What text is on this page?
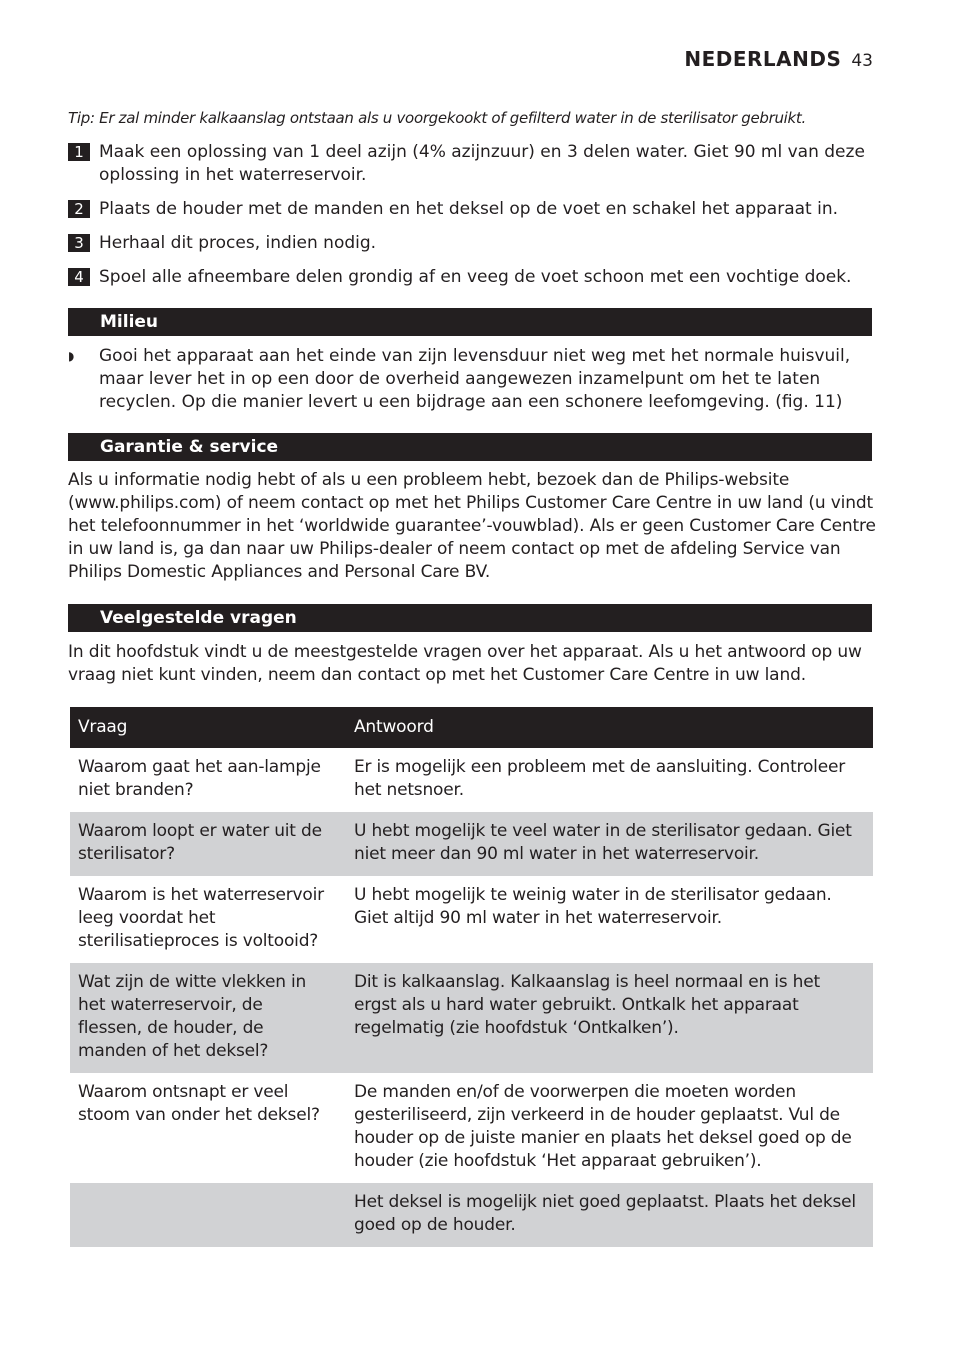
NEDERLANDS 43
Tip: Er zal minder kalkaanslag ontstaan als u voorgekookt of gefilterd water in de sterilisator gebruikt.
1 Maak een oplossing van 1 deel azijn (4% azijnzuur) en 3 delen water. Giet 90 ml van deze oplossing in het waterreservoir.
2 Plaats de houder met de manden en het deksel op de voet en schakel het apparaat in.
3 Herhaal dit proces, indien nodig.
4 Spoel alle afneembare delen grondig af en veeg de voet schoon met een vochtige doek.
Milieu
◗	Gooi het apparaat aan het einde van zijn levensduur niet weg met het normale huisvuil, maar lever het in op een door de overheid aangewezen inzamelpunt om het te laten recyclen. Op die manier levert u een bijdrage aan een schonere leefomgeving. (fig. 11)
Garantie & service
Als u informatie nodig hebt of als u een probleem hebt, bezoek dan de Philips-website (www.philips.com) of neem contact op met het Philips Customer Care Centre in uw land (u vindt het telefoonnummer in het ‘worldwide guarantee’-vouwblad). Als er geen Customer Care Centre in uw land is, ga dan naar uw Philips-dealer of neem contact op met de afdeling Service van Philips Domestic Appliances and Personal Care BV.
Veelgestelde vragen
In dit hoofdstuk vindt u de meestgestelde vragen over het apparaat. Als u het antwoord op uw vraag niet kunt vinden, neem dan contact op met het Customer Care Centre in uw land.
Vraag	Antwoord
Waarom gaat het aan-lampje niet branden?	Er is mogelijk een probleem met de aansluiting. Controleer het netsnoer.
Waarom loopt er water uit de sterilisator?	U hebt mogelijk te veel water in de sterilisator gedaan. Giet niet meer dan 90 ml water in het waterreservoir.
Waarom is het waterreservoir leeg voordat het sterilisatieproces is voltooid?	U hebt mogelijk te weinig water in de sterilisator gedaan. Giet altijd 90 ml water in het waterreservoir.
Wat zijn de witte vlekken in het waterreservoir, de flessen, de houder, de manden of het deksel?	Dit is kalkaanslag. Kalkaanslag is heel normaal en is het ergst als u hard water gebruikt. Ontkalk het apparaat regelmatig (zie hoofdstuk ‘Ontkalken’).
Waarom ontsnapt er veel stoom van onder het deksel?	De manden en/of de voorwerpen die moeten worden gesteriliseerd, zijn verkeerd in de houder geplaatst. Vul de houder op de juiste manier en plaats het deksel goed op de houder (zie hoofdstuk ‘Het apparaat gebruiken’).
	Het deksel is mogelijk niet goed geplaatst. Plaats het deksel goed op de houder.
